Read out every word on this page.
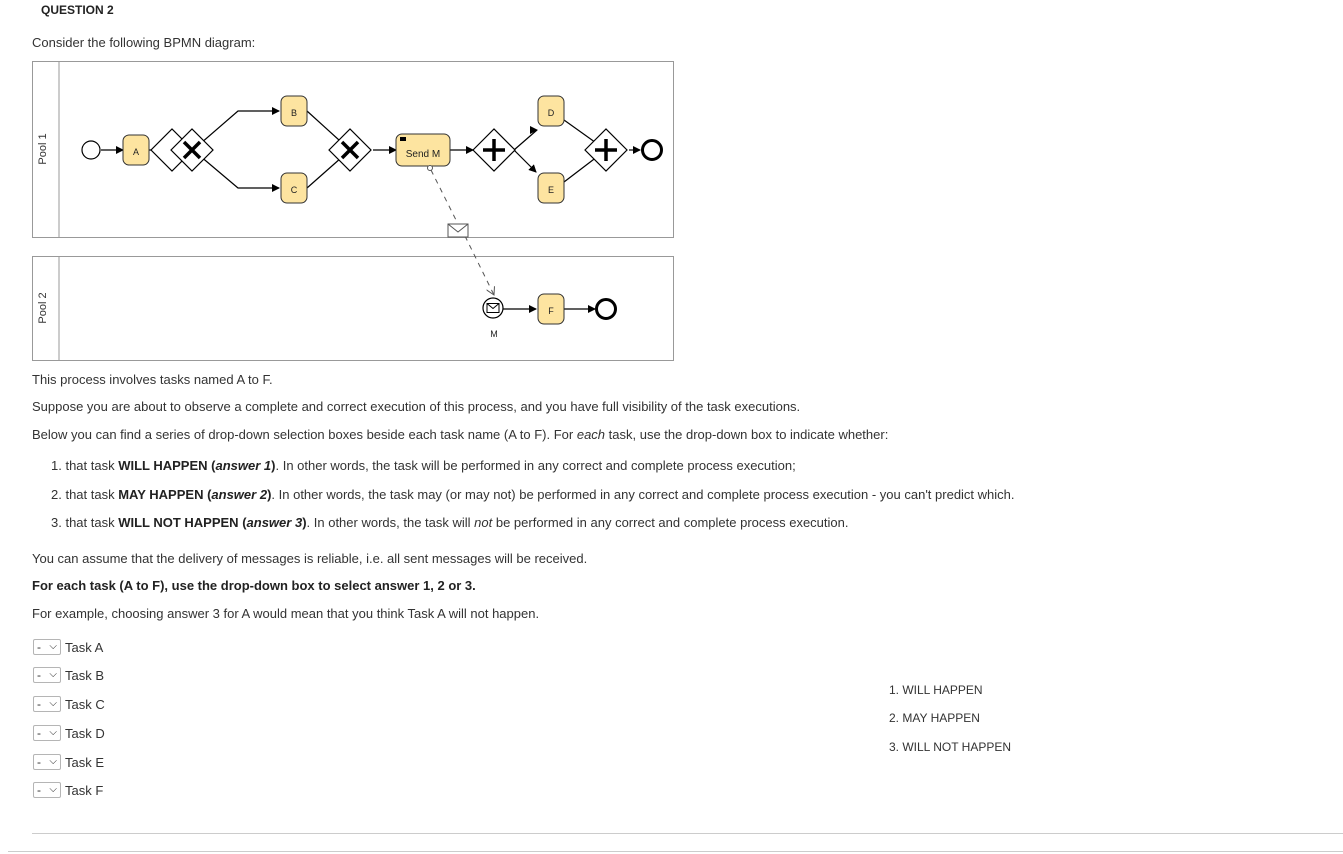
QUESTION 2
Consider the following BPMN diagram:
Pool 1
Pool 2
A
B
C
Send M
D
E
M
F
This process involves tasks named A to F.
Suppose you are about to observe a complete and correct execution of this process, and you have full visibility of the task executions.
Below you can find a series of drop-down selection boxes beside each task name (A to F). For each task, use the drop-down box to indicate whether:
1. that task WILL HAPPEN (answer 1). In other words, the task will be performed in any correct and complete process execution;
2. that task MAY HAPPEN (answer 2). In other words, the task may (or may not) be performed in any correct and complete process execution - you can't predict which.
3. that task WILL NOT HAPPEN (answer 3). In other words, the task will not be performed in any correct and complete process execution.
You can assume that the delivery of messages is reliable, i.e. all sent messages will be received.
For each task (A to F), use the drop-down box to select answer 1, 2 or 3.
For example, choosing answer 3 for A would mean that you think Task A will not happen.
- ⌵ Task A
- ⌵ Task B
- ⌵ Task C
- ⌵ Task D
- ⌵ Task E
- ⌵ Task F
1. WILL HAPPEN
2. MAY HAPPEN
3. WILL NOT HAPPEN
